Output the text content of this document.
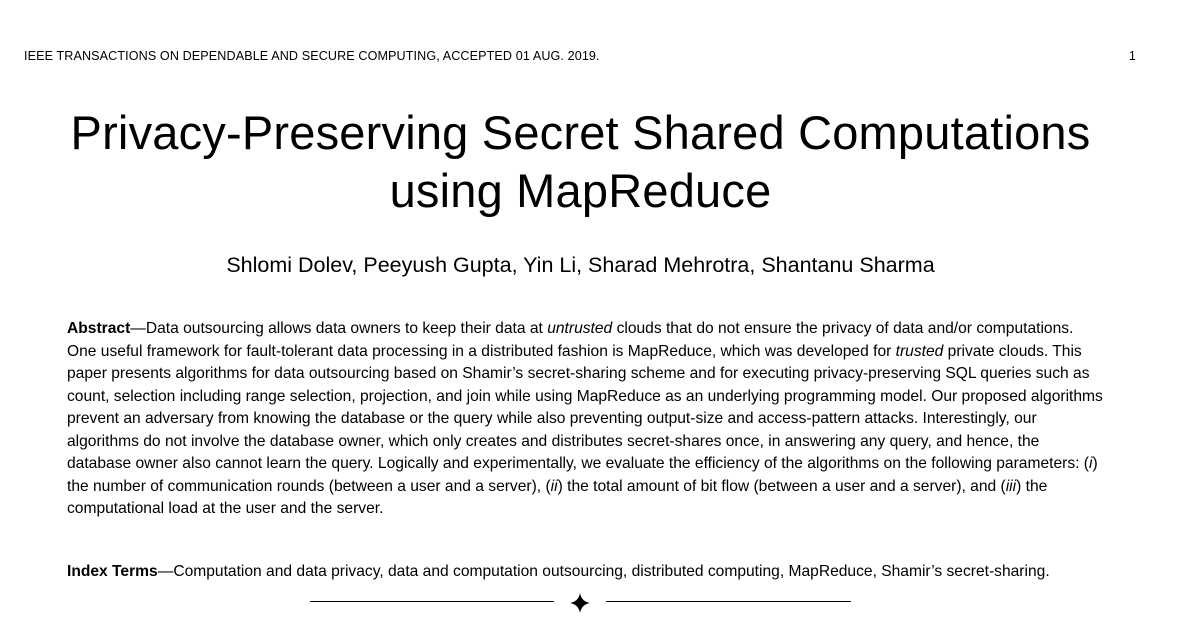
IEEE TRANSACTIONS ON DEPENDABLE AND SECURE COMPUTING, ACCEPTED 01 AUG. 2019.	1
Privacy-Preserving Secret Shared Computations
using MapReduce
Shlomi Dolev, Peeyush Gupta, Yin Li, Sharad Mehrotra, Shantanu Sharma

Abstract—Data outsourcing allows data owners to keep their data at untrusted clouds that do not ensure the privacy of data and/or computations. One useful framework for fault-tolerant data processing in a distributed fashion is MapReduce, which was developed for trusted private clouds. This paper presents algorithms for data outsourcing based on Shamir’s secret-sharing scheme and for executing privacy-preserving SQL queries such as count, selection including range selection, projection, and join while using MapReduce as an underlying programming model. Our proposed algorithms prevent an adversary from knowing the database or the query while also preventing output-size and access-pattern attacks. Interestingly, our algorithms do not involve the database owner, which only creates and distributes secret-shares once, in answering any query, and hence, the database owner also cannot learn the query. Logically and experimentally, we evaluate the efficiency of the algorithms on the following parameters: (i) the number of communication rounds (between a user and a server), (ii) the total amount of bit flow (between a user and a server), and (iii) the computational load at the user and the server.

Index Terms—Computation and data privacy, data and computation outsourcing, distributed computing, MapReduce, Shamir’s secret-sharing.
